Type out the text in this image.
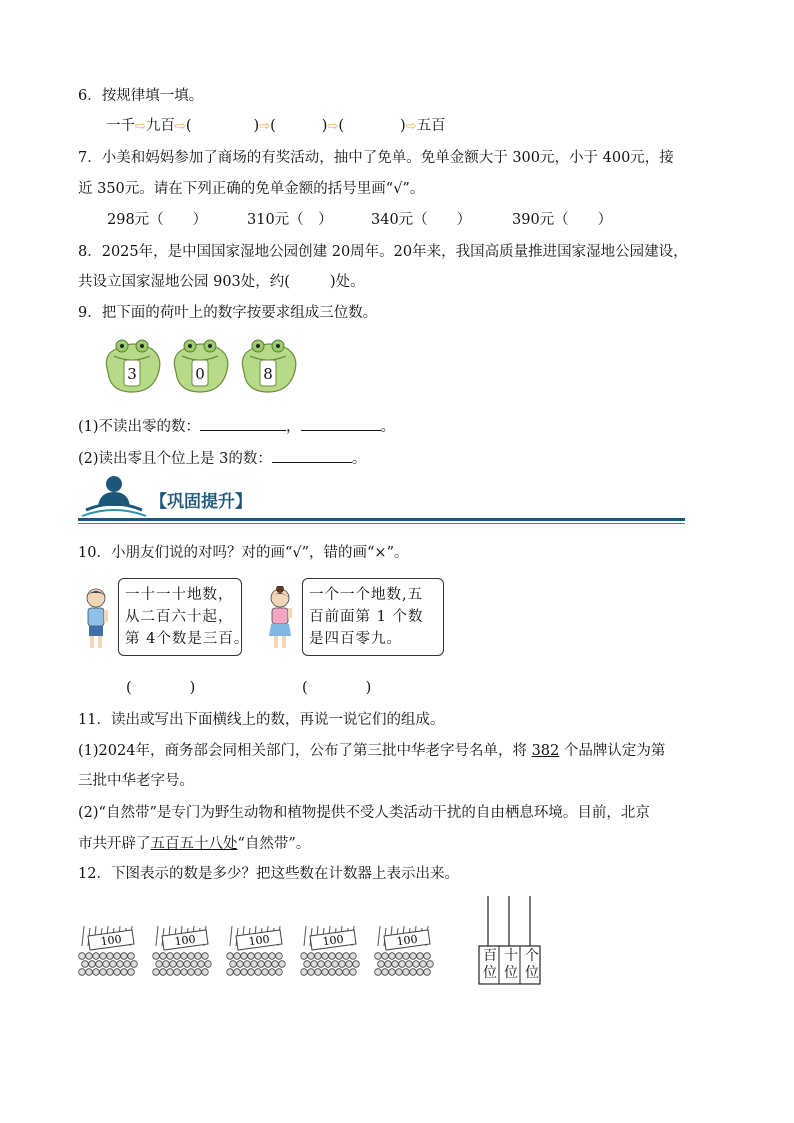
6．按规律填一填。
一千⇨九百⇨(	)⇨(	)⇨(	)⇨五百
7．小美和妈妈参加了商场的有奖活动，抽中了免单。免单金额大于 300元，小于 400元，接
近 350元。请在下列正确的免单金额的括号里画“√”。
298元（　　）	310元（　）	340元（　　）	390元（　　）
8．2025年，是中国国家湿地公园创建 20周年。20年来，我国高质量推进国家湿地公园建设，
共设立国家湿地公园 903处，约(	)处。
9．把下面的荷叶上的数字按要求组成三位数。
3	0	8
(1)不读出零的数：	，	。
(2)读出零且个位上是 3的数：	。
【巩固提升】
10．小朋友们说的对吗？对的画“√”，错的画“×”。
一十一十地数，
从二百六十起，
第 4个数是三百。
一个一个地数,五
百前面第 1 个数
是四百零九。
(　　　　)	(　　　　)
11．读出或写出下面横线上的数，再说一说它们的组成。
(1)2024年，商务部会同相关部门，公布了第三批中华老字号名单，将 382 个品牌认定为第
三批中华老字号。
(2)“自然带”是专门为野生动物和植物提供不受人类活动干扰的自由栖息环境。目前，北京
市共开辟了五百五十八处“自然带”。
12．下图表示的数是多少？把这些数在计数器上表示出来。
100	100	100	100	100
百位
十位
个位
